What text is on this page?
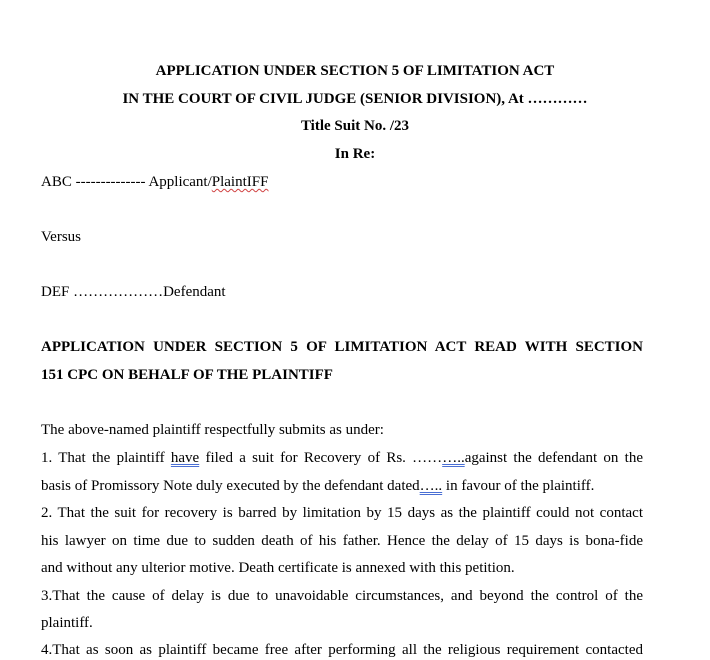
APPLICATION UNDER SECTION 5 OF LIMITATION ACT
IN THE COURT OF CIVIL JUDGE (SENIOR DIVISION), At …………
Title Suit No. /23
In Re:
ABC -------------- Applicant/PlaintIFF
Versus
DEF ………………Defendant
APPLICATION UNDER SECTION 5 OF LIMITATION ACT READ WITH SECTION
151 CPC ON BEHALF OF THE PLAINTIFF
The above-named plaintiff respectfully submits as under:
1. That the plaintiff have filed a suit for Recovery of Rs. ………..against the defendant on the
basis of Promissory Note duly executed by the defendant dated….. in favour of the plaintiff.
2. That the suit for recovery is barred by limitation by 15 days as the plaintiff could not contact
his lawyer on time due to sudden death of his father. Hence the delay of 15 days is bona-fide
and without any ulterior motive. Death certificate is annexed with this petition.
3.That the cause of delay is due to unavoidable circumstances, and beyond the control of the
plaintiff.
4.That as soon as plaintiff became free after performing all the religious requirement contacted
